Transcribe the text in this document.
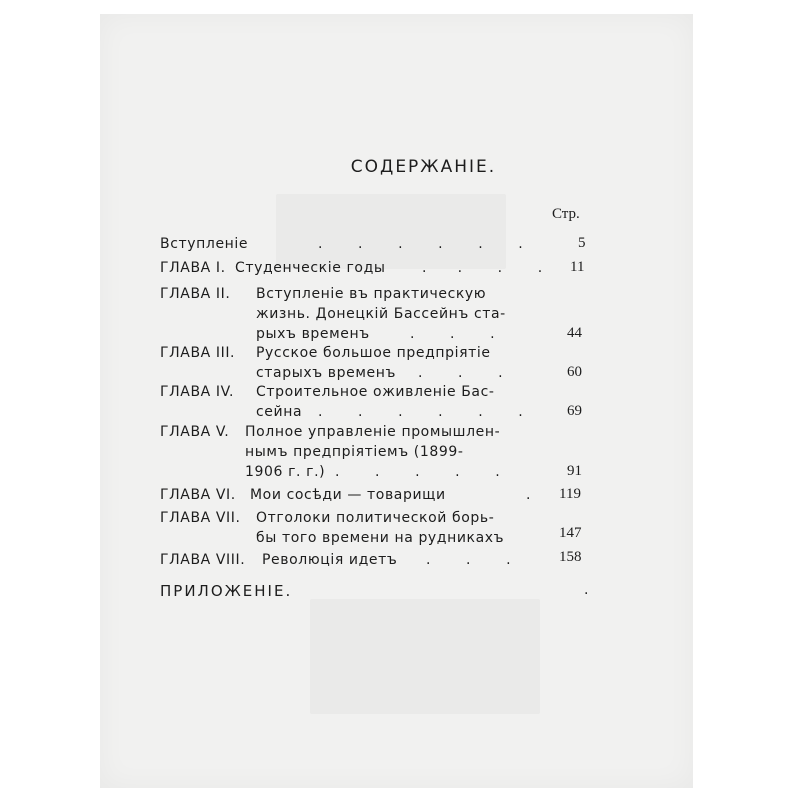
СОДЕРЖАНІЕ.
Стр.
Вступленіе	.        .        .        .        .        .	5
ГЛАВА I. Студенческіе годы	.       .        .        . 11
ГЛАВА II. Вступленіе въ практическую
жизнь. Донецкій Бассейнъ ста-
рыхъ временъ	.        .        .	44
ГЛАВА III. Русское большое предпріятіе
старыхъ временъ .        .        .	60
ГЛАВА IV. Строительное оживленіе Бас-
сейна .        .        .        .        .        .	69
ГЛАВА V. Полное управленіе промышлен-
нымъ предпріятіемъ (1899-
1906 г. г.) .        .        .        .        .	91
ГЛАВА VI. Мои сосѣди — товарищи	. 119
ГЛАВА VII. Отголоки политической борь-
бы того времени на рудникахъ	147
ГЛАВА VIII. Революція идетъ .        .        .	158
ПРИЛОЖЕНІЕ.	.
